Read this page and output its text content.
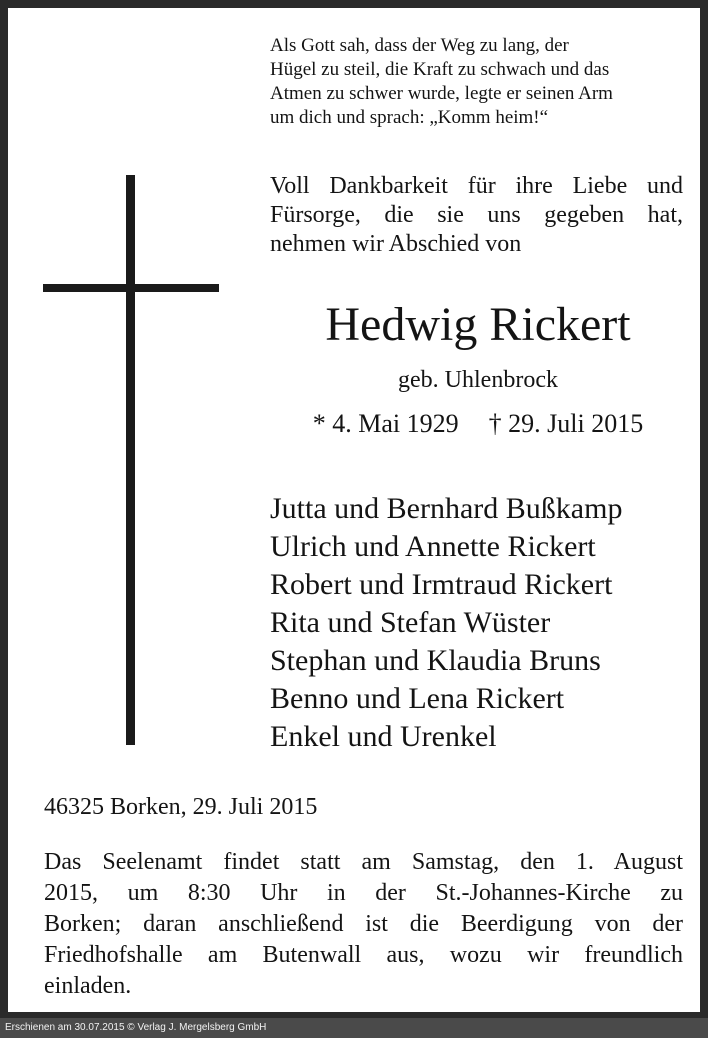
Als Gott sah, dass der Weg zu lang, der
Hügel zu steil, die Kraft zu schwach und das
Atmen zu schwer wurde, legte er seinen Arm
um dich und sprach: „Komm heim!“
Voll Dankbarkeit für ihre Liebe und
Fürsorge, die sie uns gegeben hat,
nehmen wir Abschied von
Hedwig Rickert
geb. Uhlenbrock
* 4. Mai 1929 † 29. Juli 2015
Jutta und Bernhard Bußkamp
Ulrich und Annette Rickert
Robert und Irmtraud Rickert
Rita und Stefan Wüster
Stephan und Klaudia Bruns
Benno und Lena Rickert
Enkel und Urenkel
46325 Borken, 29. Juli 2015
Das Seelenamt findet statt am Samstag, den 1. August
2015, um 8:30 Uhr in der St.-Johannes-Kirche zu
Borken; daran anschließend ist die Beerdigung von der
Friedhofshalle am Butenwall aus, wozu wir freundlich
einladen.
Erschienen am 30.07.2015 © Verlag J. Mergelsberg GmbH
